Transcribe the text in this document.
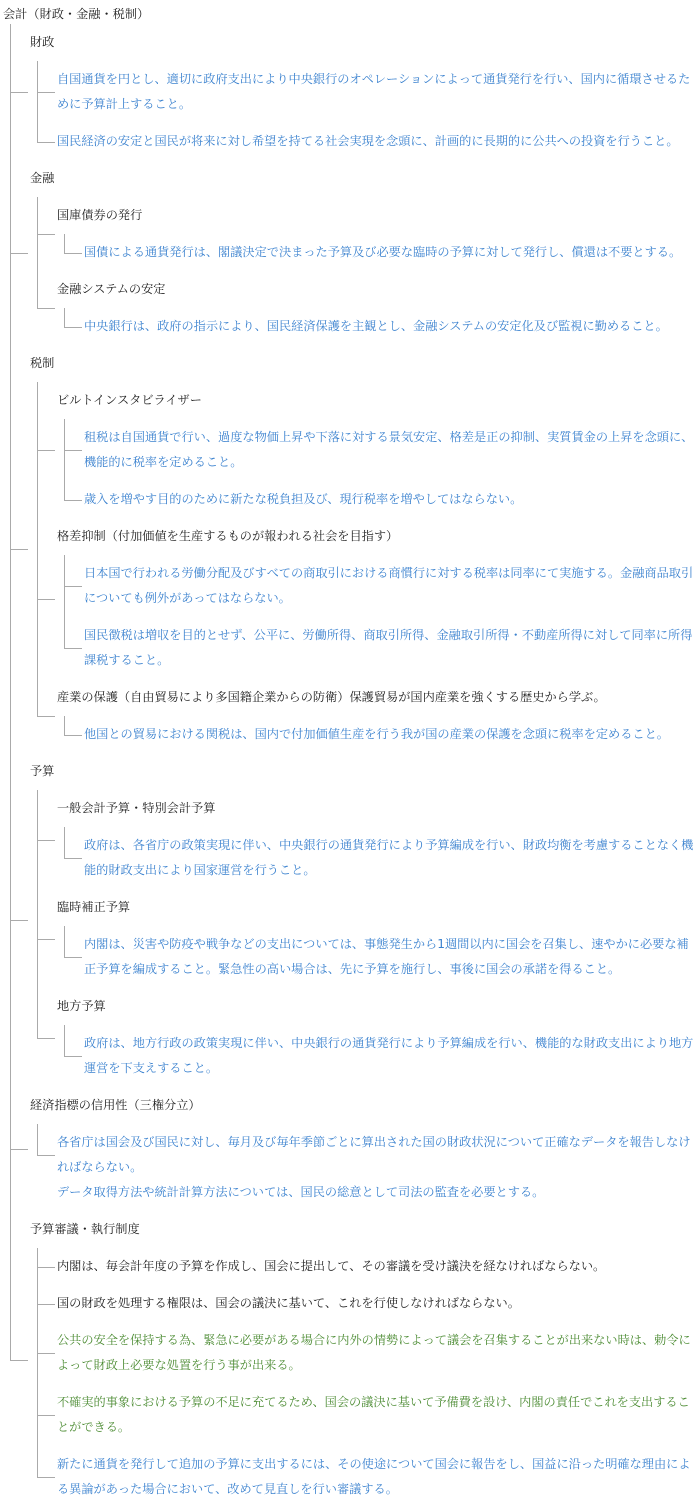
会計（財政・金融・税制）
財政
自国通貨を円とし、適切に政府支出により中央銀行のオペレーションによって通貨発行を行い、国内に循環させるために予算計上すること。
国民経済の安定と国民が将来に対し希望を持てる社会実現を念頭に、計画的に長期的に公共への投資を行うこと。
金融
国庫債券の発行
国債による通貨発行は、閣議決定で決まった予算及び必要な臨時の予算に対して発行し、償還は不要とする。
金融システムの安定
中央銀行は、政府の指示により、国民経済保護を主観とし、金融システムの安定化及び監視に勤めること。
税制
ビルトインスタビライザー
租税は自国通貨で行い、過度な物価上昇や下落に対する景気安定、格差是正の抑制、実質賃金の上昇を念頭に、機能的に税率を定めること。
歳入を増やす目的のために新たな税負担及び、現行税率を増やしてはならない。
格差抑制（付加価値を生産するものが報われる社会を目指す）
日本国で行われる労働分配及びすべての商取引における商慣行に対する税率は同率にて実施する。金融商品取引についても例外があってはならない。
国民徴税は増収を目的とせず、公平に、労働所得、商取引所得、金融取引所得・不動産所得に対して同率に所得課税すること。
産業の保護（自由貿易により多国籍企業からの防衛）保護貿易が国内産業を強くする歴史から学ぶ。
他国との貿易における関税は、国内で付加価値生産を行う我が国の産業の保護を念頭に税率を定めること。
予算
一般会計予算・特別会計予算
政府は、各省庁の政策実現に伴い、中央銀行の通貨発行により予算編成を行い、財政均衡を考慮することなく機能的財政支出により国家運営を行うこと。
臨時補正予算
内閣は、災害や防疫や戦争などの支出については、事態発生から1週間以内に国会を召集し、速やかに必要な補正予算を編成すること。緊急性の高い場合は、先に予算を施行し、事後に国会の承諾を得ること。
地方予算
政府は、地方行政の政策実現に伴い、中央銀行の通貨発行により予算編成を行い、機能的な財政支出により地方運営を下支えすること。
経済指標の信用性（三権分立）
各省庁は国会及び国民に対し、毎月及び毎年季節ごとに算出された国の財政状況について正確なデータを報告しなければならない。
データ取得方法や統計計算方法については、国民の総意として司法の監査を必要とする。
予算審議・執行制度
内閣は、毎会計年度の予算を作成し、国会に提出して、その審議を受け議決を経なければならない。
国の財政を処理する権限は、国会の議決に基いて、これを行使しなければならない。
公共の安全を保持する為、緊急に必要がある場合に内外の情勢によって議会を召集することが出来ない時は、勅令によって財政上必要な処置を行う事が出来る。
不確実的事象における予算の不足に充てるため、国会の議決に基いて予備費を設け、内閣の責任でこれを支出することができる。
新たに通貨を発行して追加の予算に支出するには、その使途について国会に報告をし、国益に沿った明確な理由による異論があった場合において、改めて見直しを行い審議する。
